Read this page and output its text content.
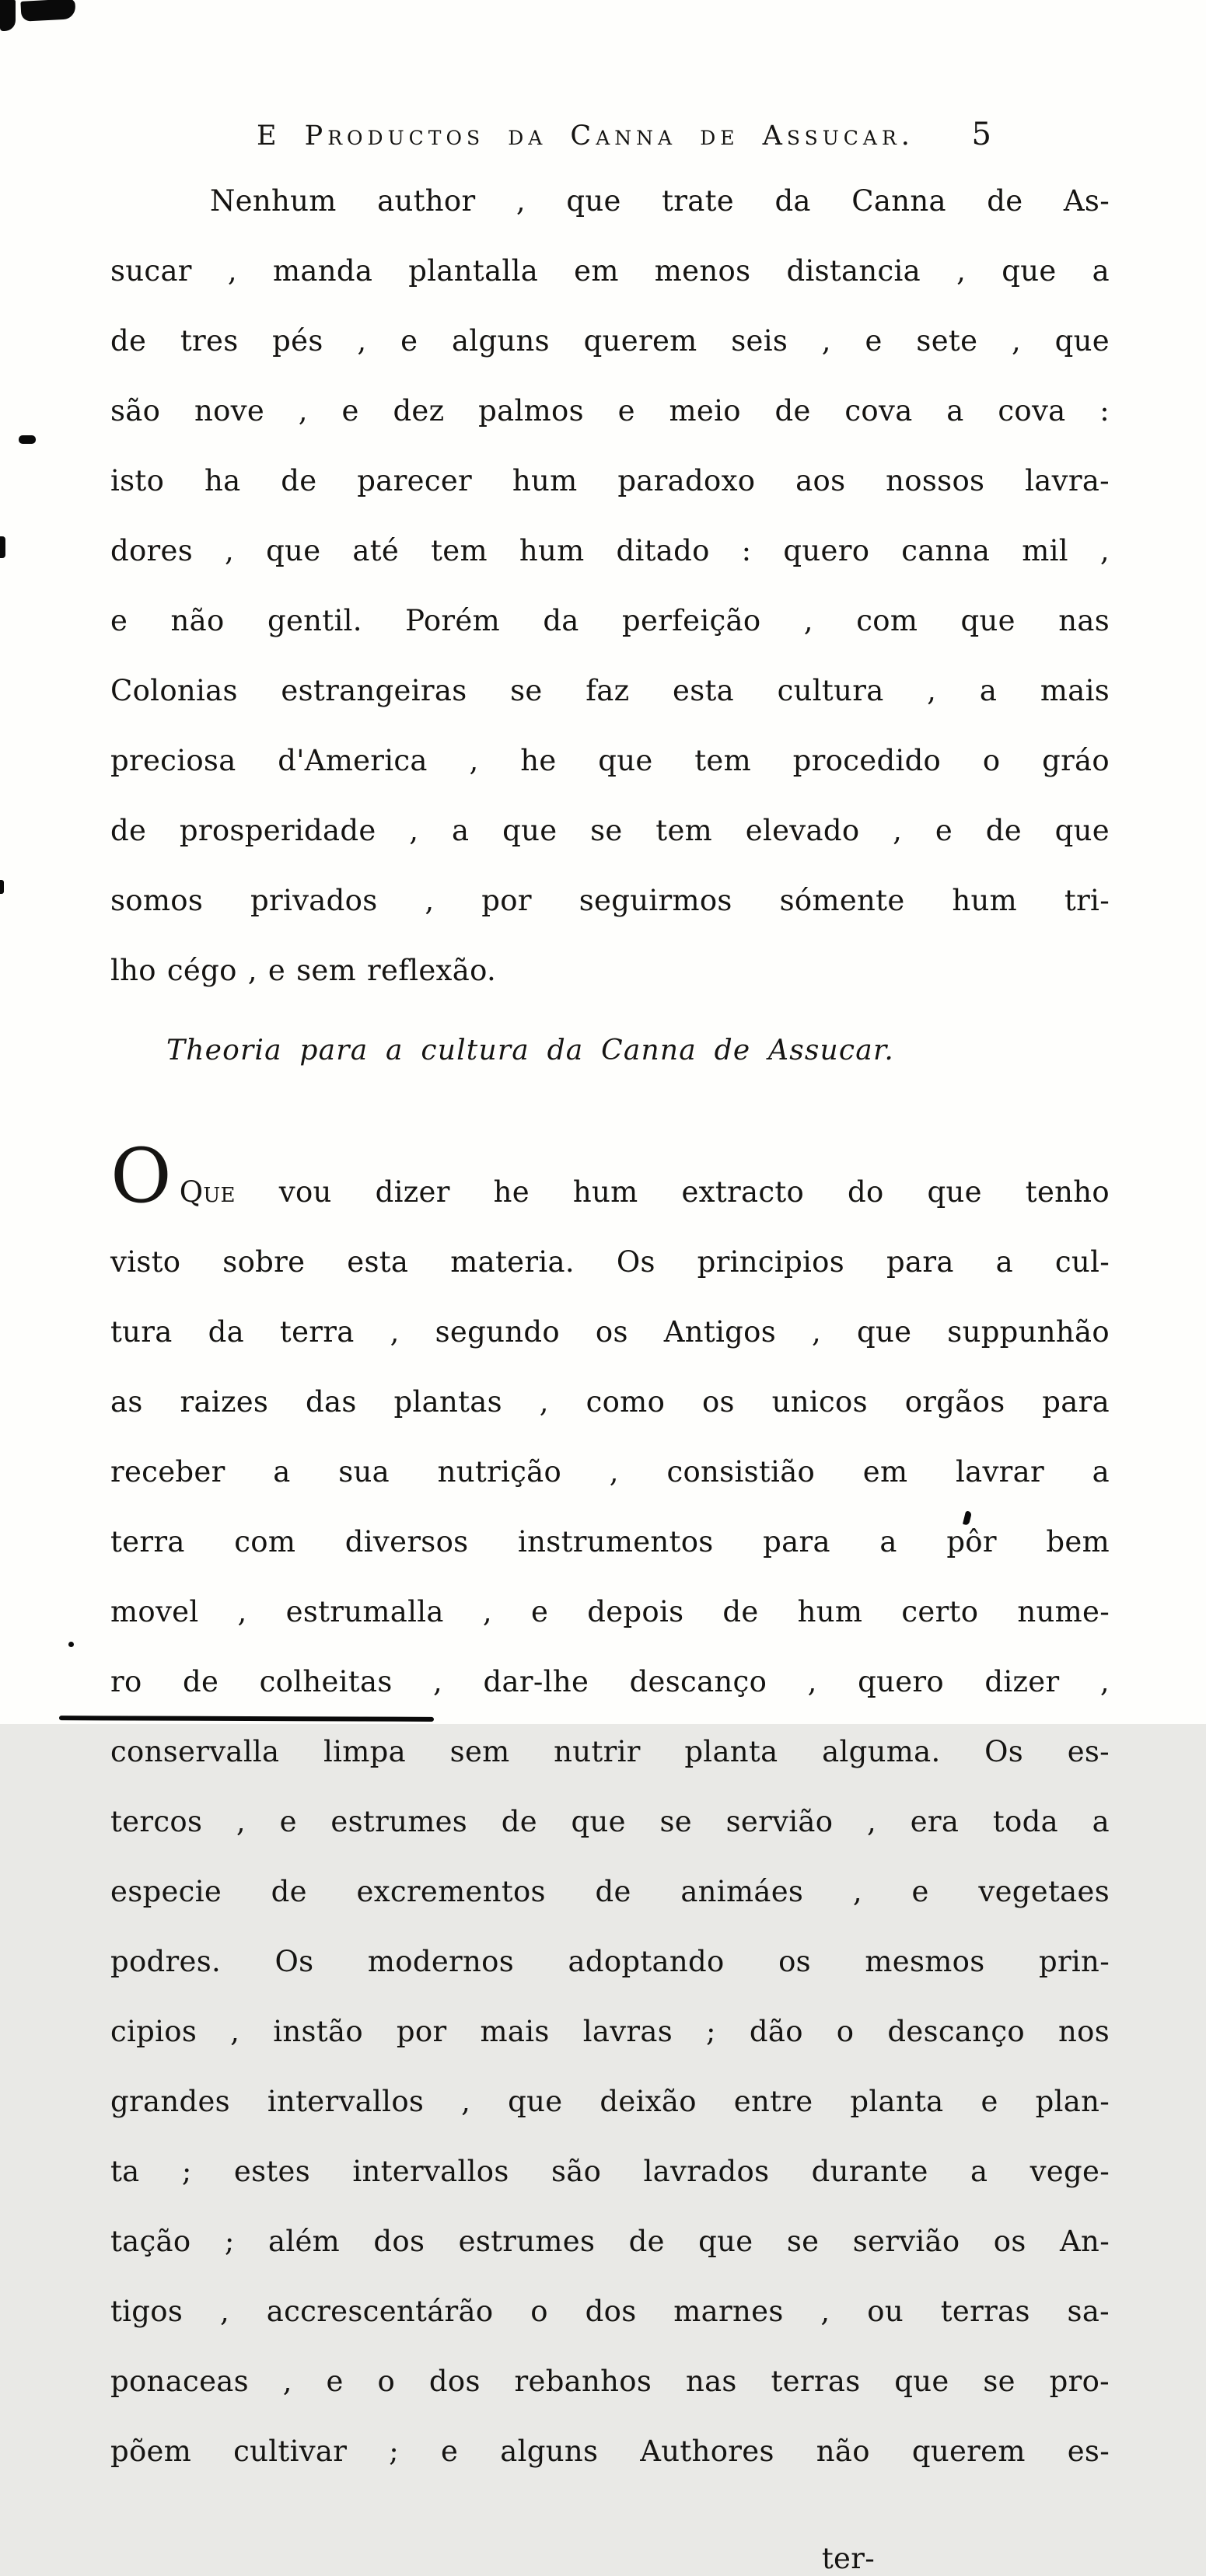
E Productos da Canna de Assucar. 5
Nenhum author , que trate da Canna de As-
sucar , manda plantalla em menos distancia , que a
de tres pés , e alguns querem seis , e sete , que
são nove , e dez palmos e meio de cova a cova :
isto ha de parecer hum paradoxo aos nossos lavra-
dores , que até tem hum ditado : quero canna mil ,
e não gentil. Porém da perfeição , com que nas
Colonias estrangeiras se faz esta cultura , a mais
preciosa d'America , he que tem procedido o gráo
de prosperidade , a que se tem elevado , e de que
somos privados , por seguirmos sómente hum tri-
lho cégo , e sem reflexão.
Theoria para a cultura da Canna de Assucar.
O Que vou dizer he hum extracto do que tenho
visto sobre esta materia. Os principios para a cul-
tura da terra , segundo os Antigos , que suppunhão
as raizes das plantas , como os unicos orgãos para
receber a sua nutrição , consistião em lavrar a
terra com diversos instrumentos para a pôr bem
movel , estrumalla , e depois de hum certo nume-
ro de colheitas , dar-lhe descanço , quero dizer ,
conservalla limpa sem nutrir planta alguma. Os es-
tercos , e estrumes de que se servião , era toda a
especie de excrementos de animáes , e vegetaes
podres. Os modernos adoptando os mesmos prin-
cipios , instão por mais lavras ; dão o descanço nos
grandes intervallos , que deixão entre planta e plan-
ta ; estes intervallos são lavrados durante a vege-
tação ; além dos estrumes de que se servião os An-
tigos , accrescentárão o dos marnes , ou terras sa-
ponaceas , e o dos rebanhos nas terras que se pro-
põem cultivar ; e alguns Authores não querem es-
ter-
